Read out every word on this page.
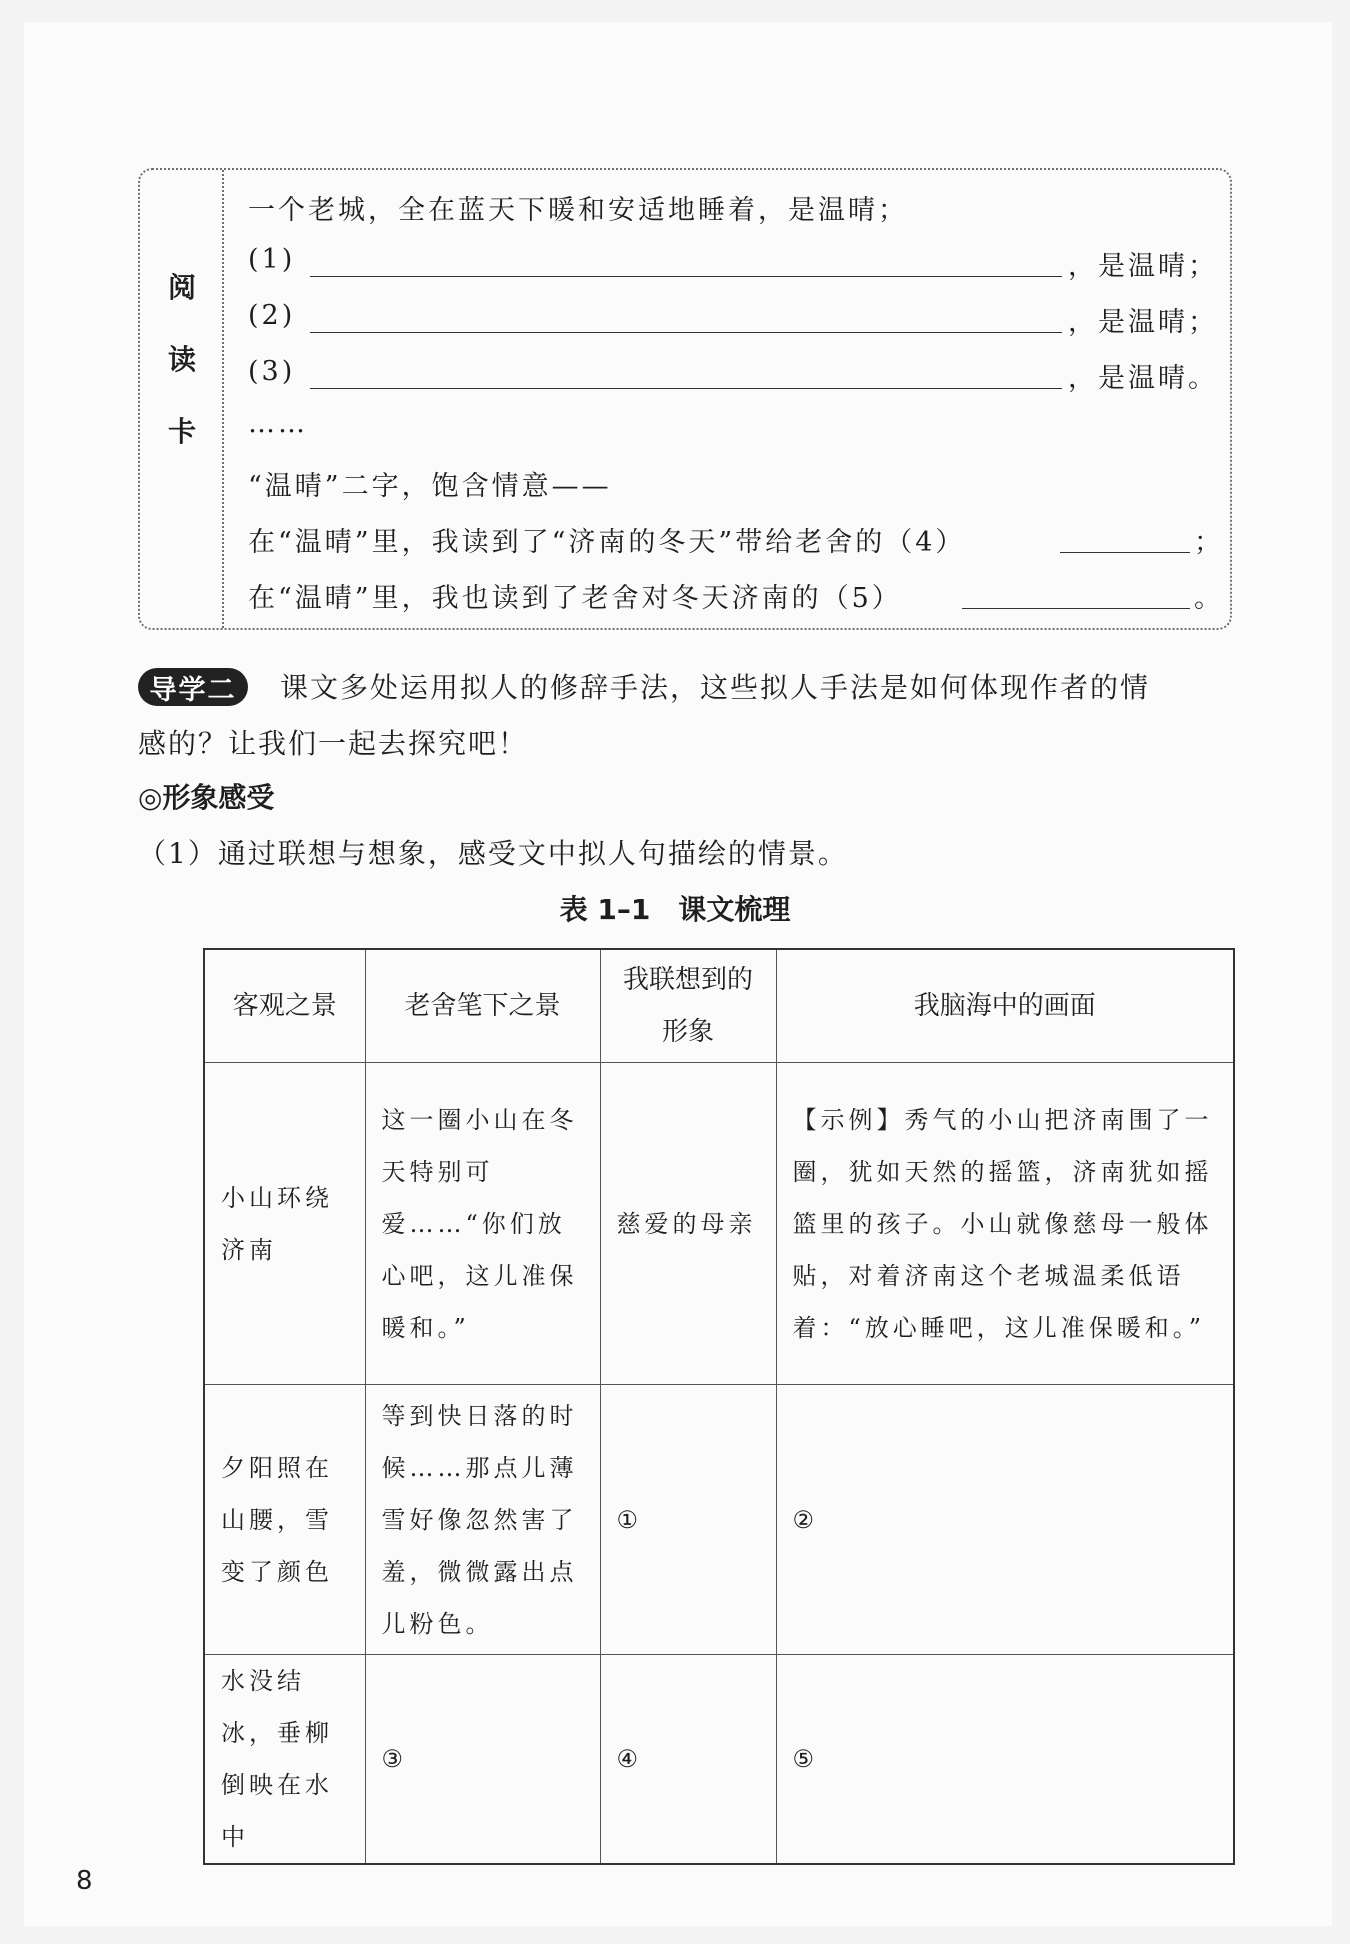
阅
读
卡
一个老城，全在蓝天下暖和安适地睡着，是温晴；
(1)	，是温晴；
(2)	，是温晴；
(3)	，是温晴。
……
“温晴”二字，饱含情意——
在“温晴”里，我读到了“济南的冬天”带给老舍的（4）	；
在“温晴”里，我也读到了老舍对冬天济南的（5）	。
导学二	课文多处运用拟人的修辞手法，这些拟人手法是如何体现作者的情
感的？让我们一起去探究吧！
◎形象感受
（1）通过联想与想象，感受文中拟人句描绘的情景。
表 1–1　课文梳理
客观之景	老舍笔下之景	我联想到的形象	我脑海中的画面
小山环绕济南	这一圈小山在冬天特别可爱……“你们放心吧，这儿准保暖和。”	慈爱的母亲	【示例】秀气的小山把济南围了一圈，犹如天然的摇篮，济南犹如摇篮里的孩子。小山就像慈母一般体贴，对着济南这个老城温柔低语着：“放心睡吧，这儿准保暖和。”
夕阳照在山腰，雪变了颜色	等到快日落的时候……那点儿薄雪好像忽然害了羞，微微露出点儿粉色。	①	②
水没结冰，垂柳倒映在水中	③	④	⑤
8
